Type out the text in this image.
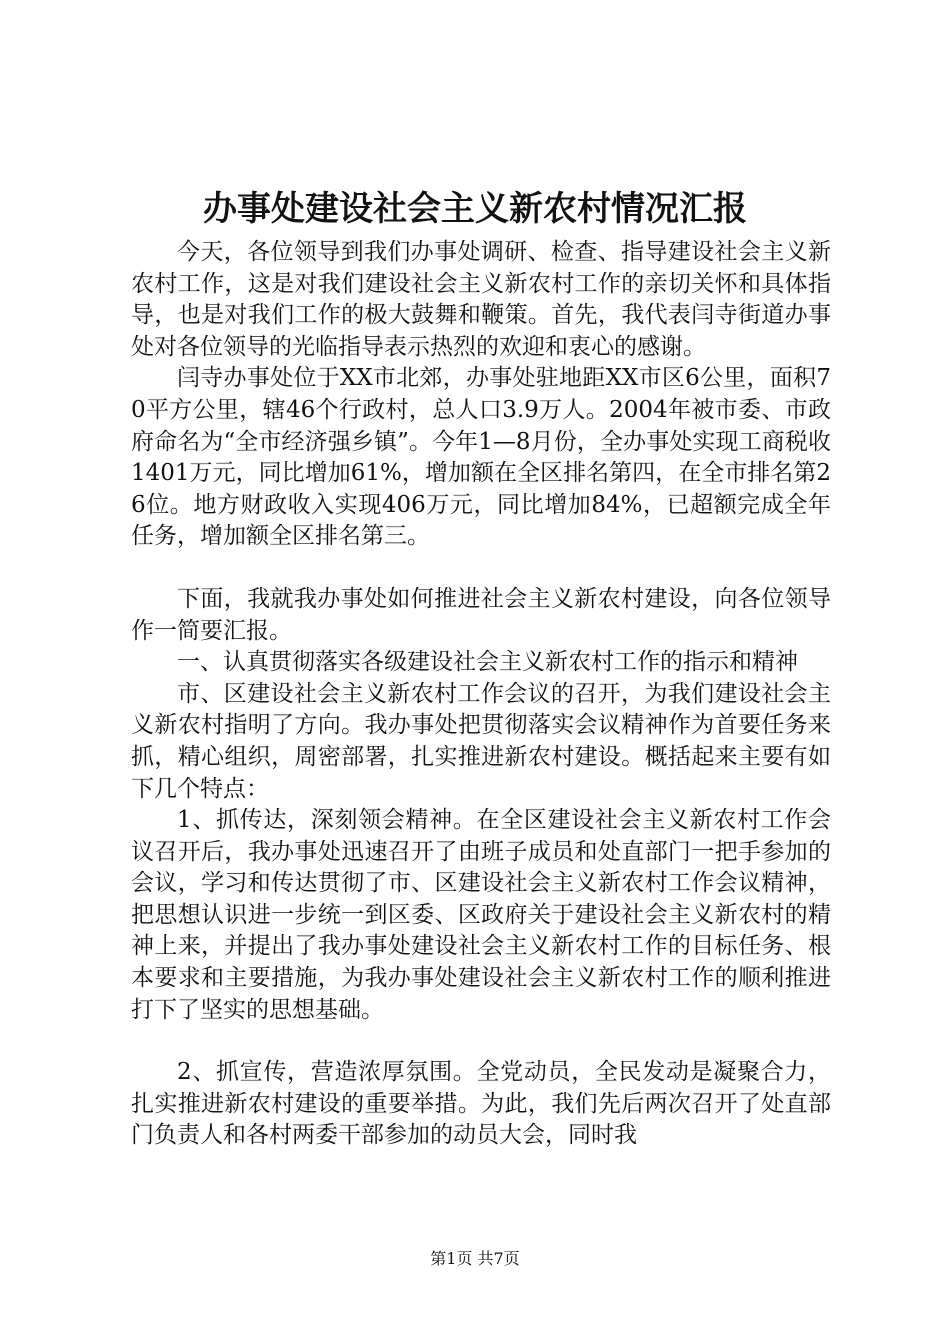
办事处建设社会主义新农村情况汇报

今天，各位领导到我们办事处调研、检查、指导建设社会主义新农村工作，这是对我们建设社会主义新农村工作的亲切关怀和具体指导，也是对我们工作的极大鼓舞和鞭策。首先，我代表闫寺街道办事处对各位领导的光临指导表示热烈的欢迎和衷心的感谢。

闫寺办事处位于XX市北郊，办事处驻地距XX市区6公里，面积70平方公里，辖46个行政村，总人口3.9万人。2004年被市委、市政府命名为“全市经济强乡镇”。今年1—8月份，全办事处实现工商税收1401万元，同比增加61%，增加额在全区排名第四，在全市排名第26位。地方财政收入实现406万元，同比增加84%，已超额完成全年任务，增加额全区排名第三。

下面，我就我办事处如何推进社会主义新农村建设，向各位领导作一简要汇报。

一、认真贯彻落实各级建设社会主义新农村工作的指示和精神

市、区建设社会主义新农村工作会议的召开，为我们建设社会主义新农村指明了方向。我办事处把贯彻落实会议精神作为首要任务来抓，精心组织，周密部署，扎实推进新农村建设。概括起来主要有如下几个特点：

1、抓传达，深刻领会精神。在全区建设社会主义新农村工作会议召开后，我办事处迅速召开了由班子成员和处直部门一把手参加的会议，学习和传达贯彻了市、区建设社会主义新农村工作会议精神，把思想认识进一步统一到区委、区政府关于建设社会主义新农村的精神上来，并提出了我办事处建设社会主义新农村工作的目标任务、根本要求和主要措施，为我办事处建设社会主义新农村工作的顺利推进打下了坚实的思想基础。

2、抓宣传，营造浓厚氛围。全党动员，全民发动是凝聚合力，扎实推进新农村建设的重要举措。为此，我们先后两次召开了处直部门负责人和各村两委干部参加的动员大会，同时我

第1页 共7页
